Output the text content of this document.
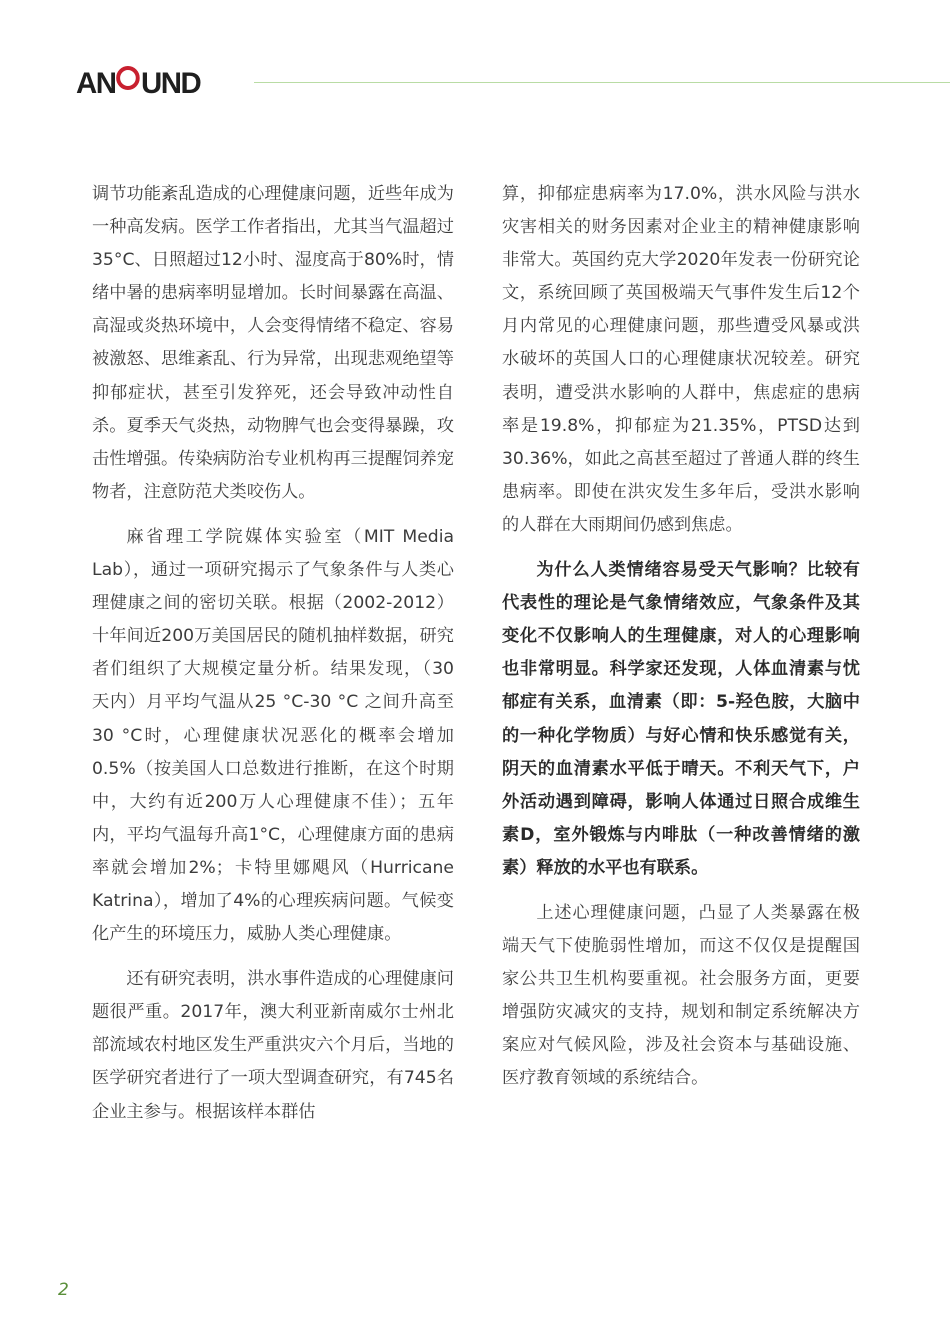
AN UND

调节功能紊乱造成的心理健康问题，近些年成为一种高发病。医学工作者指出，尤其当气温超过35°C、日照超过12小时、湿度高于80%时，情绪中暑的患病率明显增加。长时间暴露在高温、高湿或炎热环境中，人会变得情绪不稳定、容易被激怒、思维紊乱、行为异常，出现悲观绝望等抑郁症状，甚至引发猝死，还会导致冲动性自杀。夏季天气炎热，动物脾气也会变得暴躁，攻击性增强。传染病防治专业机构再三提醒饲养宠物者，注意防范犬类咬伤人。

麻省理工学院媒体实验室（MIT Media Lab），通过一项研究揭示了气象条件与人类心理健康之间的密切关联。根据（2002-2012）十年间近200万美国居民的随机抽样数据，研究者们组织了大规模定量分析。结果发现，（30 天内）月平均气温从25 °C-30 °C 之间升高至30 °C时，心理健康状况恶化的概率会增加 0.5%（按美国人口总数进行推断，在这个时期中，大约有近200万人心理健康不佳）；五年内，平均气温每升高1°C，心理健康方面的患病率就会增加2%；卡特里娜飓风（Hurricane Katrina），增加了4%的心理疾病问题。气候变化产生的环境压力，威胁人类心理健康。

还有研究表明，洪水事件造成的心理健康问题很严重。2017年，澳大利亚新南威尔士州北部流域农村地区发生严重洪灾六个月后，当地的医学研究者进行了一项大型调查研究，有745名企业主参与。根据该样本群估

算，抑郁症患病率为17.0%，洪水风险与洪水灾害相关的财务因素对企业主的精神健康影响非常大。英国约克大学2020年发表一份研究论文，系统回顾了英国极端天气事件发生后12个月内常见的心理健康问题，那些遭受风暴或洪水破坏的英国人口的心理健康状况较差。研究表明，遭受洪水影响的人群中，焦虑症的患病率是19.8%，抑郁症为21.35%，PTSD达到30.36%，如此之高甚至超过了普通人群的终生患病率。即使在洪灾发生多年后，受洪水影响的人群在大雨期间仍感到焦虑。

为什么人类情绪容易受天气影响？比较有代表性的理论是气象情绪效应，气象条件及其变化不仅影响人的生理健康，对人的心理影响也非常明显。科学家还发现，人体血清素与忧郁症有关系，血清素（即：5-羟色胺，大脑中的一种化学物质）与好心情和快乐感觉有关，阴天的血清素水平低于晴天。不利天气下，户外活动遇到障碍，影响人体通过日照合成维生素D，室外锻炼与内啡肽（一种改善情绪的激素）释放的水平也有联系。

上述心理健康问题，凸显了人类暴露在极端天气下使脆弱性增加，而这不仅仅是提醒国家公共卫生机构要重视。社会服务方面，更要增强防灾减灾的支持，规划和制定系统解决方案应对气候风险，涉及社会资本与基础设施、医疗教育领域的系统结合。

2
